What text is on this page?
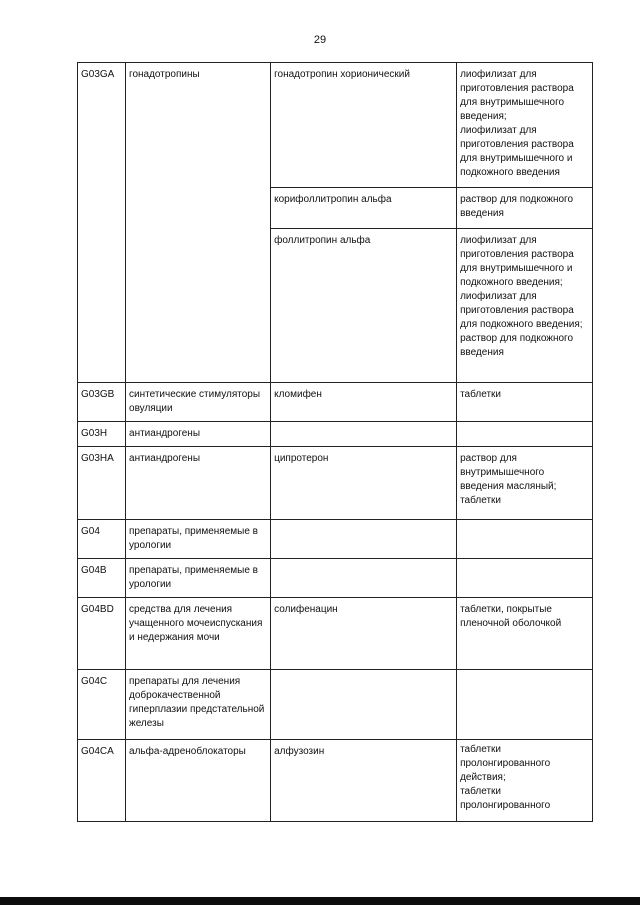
29
G03GA	гонадотропины	гонадотропин хорионический	лиофилизат для приготовления раствора для внутримышечного введения;
лиофилизат для приготовления раствора для внутримышечного и подкожного введения
		корифоллитропин альфа	раствор для подкожного введения
		фоллитропин альфа	лиофилизат для приготовления раствора для внутримышечного и подкожного введения;
лиофилизат для приготовления раствора для подкожного введения;
раствор для подкожного введения
G03GB	синтетические стимуляторы овуляции	кломифен	таблетки
G03H	антиандрогены		
G03HA	антиандрогены	ципротерон	раствор для внутримышечного введения масляный;
таблетки
G04	препараты, применяемые в урологии		
G04B	препараты, применяемые в урологии		
G04BD	средства для лечения учащенного мочеиспускания и недержания мочи	солифенацин	таблетки, покрытые пленочной оболочкой
G04C	препараты для лечения доброкачественной гиперплазии предстательной железы		
G04CA	альфа-адреноблокаторы	алфузозин	таблетки пролонгированного действия;
таблетки пролонгированного
